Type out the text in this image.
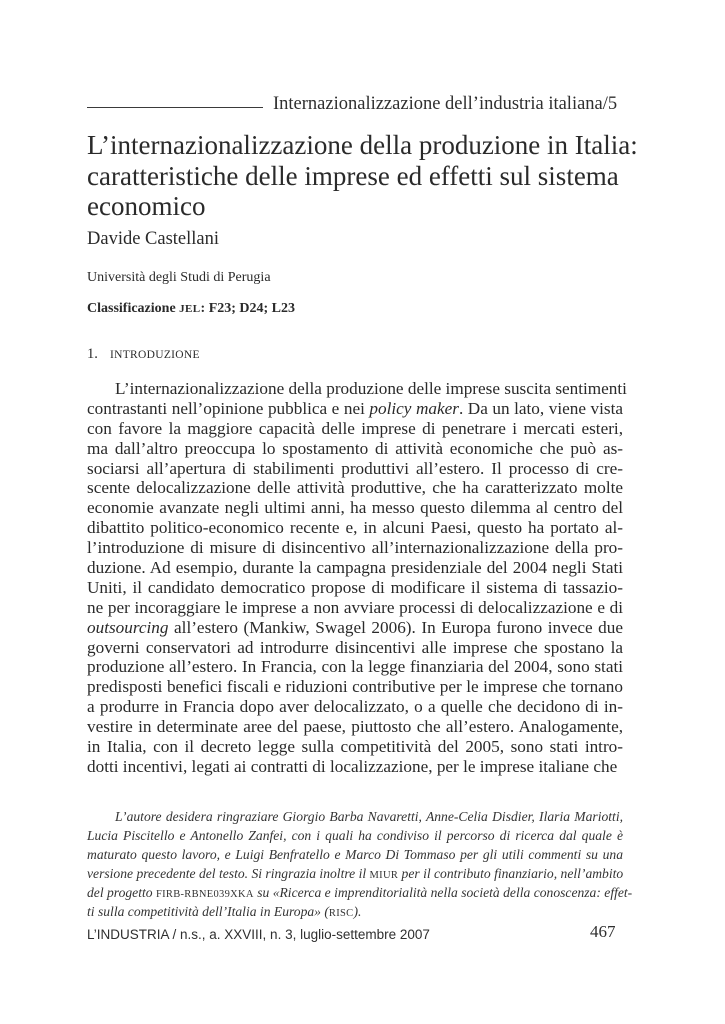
Internazionalizzazione dell’industria italiana/5
L’internazionalizzazione della produzione in Italia:
caratteristiche delle imprese ed effetti sul sistema
economico
Davide Castellani
Università degli Studi di Perugia
Classificazione JEL: F23; D24; L23
1. INTRODUZIONE
L’internazionalizzazione della produzione delle imprese suscita sentimenti
contrastanti nell’opinione pubblica e nei policy maker. Da un lato, viene vista
con favore la maggiore capacità delle imprese di penetrare i mercati esteri,
ma dall’altro preoccupa lo spostamento di attività economiche che può as-
sociarsi all’apertura di stabilimenti produttivi all’estero. Il processo di cre-
scente delocalizzazione delle attività produttive, che ha caratterizzato molte
economie avanzate negli ultimi anni, ha messo questo dilemma al centro del
dibattito politico-economico recente e, in alcuni Paesi, questo ha portato al-
l’introduzione di misure di disincentivo all’internazionalizzazione della pro-
duzione. Ad esempio, durante la campagna presidenziale del 2004 negli Stati
Uniti, il candidato democratico propose di modificare il sistema di tassazio-
ne per incoraggiare le imprese a non avviare processi di delocalizzazione e di
outsourcing all’estero (Mankiw, Swagel 2006). In Europa furono invece due
governi conservatori ad introdurre disincentivi alle imprese che spostano la
produzione all’estero. In Francia, con la legge finanziaria del 2004, sono stati
predisposti benefici fiscali e riduzioni contributive per le imprese che tornano
a produrre in Francia dopo aver delocalizzato, o a quelle che decidono di in-
vestire in determinate aree del paese, piuttosto che all’estero. Analogamente,
in Italia, con il decreto legge sulla competitività del 2005, sono stati intro-
dotti incentivi, legati ai contratti di localizzazione, per le imprese italiane che
L’autore desidera ringraziare Giorgio Barba Navaretti, Anne-Celia Disdier, Ilaria Mariotti,
Lucia Piscitello e Antonello Zanfei, con i quali ha condiviso il percorso di ricerca dal quale è
maturato questo lavoro, e Luigi Benfratello e Marco Di Tommaso per gli utili commenti su una
versione precedente del testo. Si ringrazia inoltre il MIUR per il contributo finanziario, nell’ambito
del progetto FIRB-RBNE039XKA su «Ricerca e imprenditorialità nella società della conoscenza: effet-
ti sulla competitività dell’Italia in Europa» (RISC).
L’INDUSTRIA / n.s., a. XXVIII, n. 3, luglio-settembre 2007	467
